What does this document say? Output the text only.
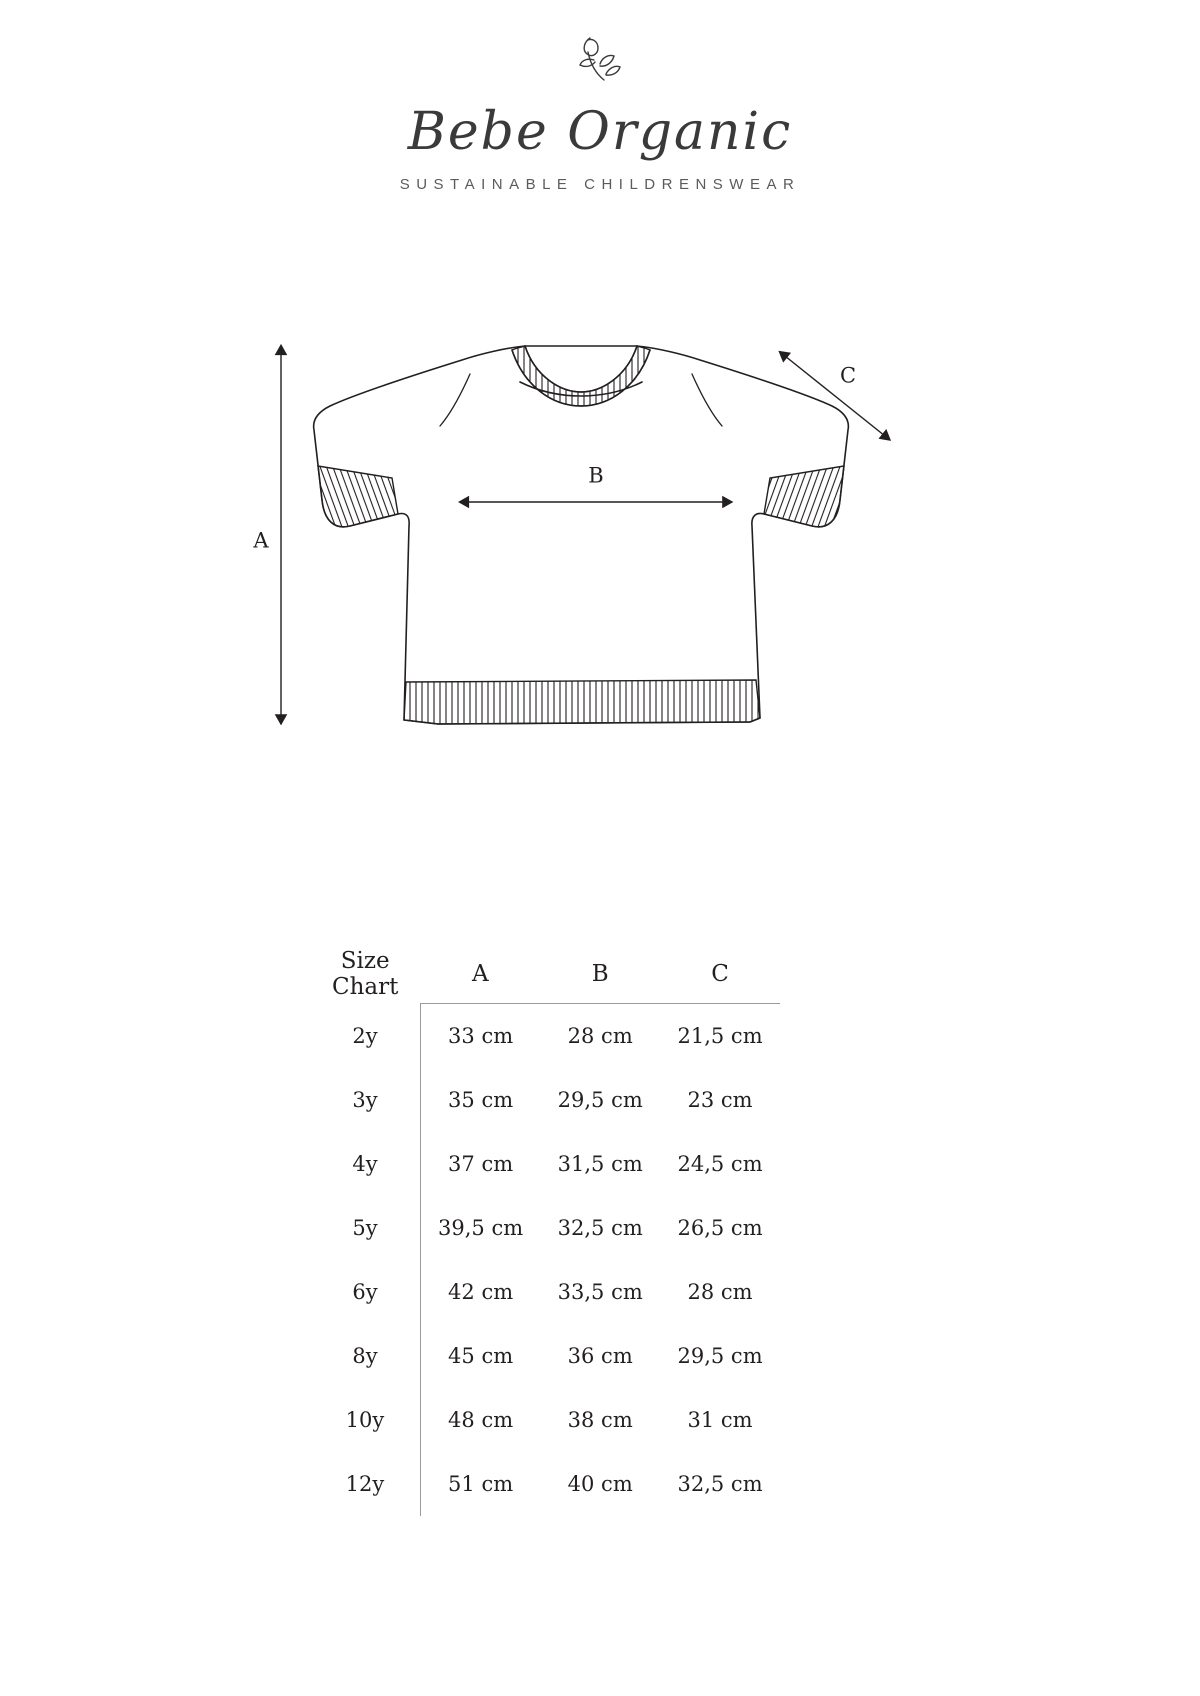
Bebe Organic
SUSTAINABLE CHILDRENSWEAR
A
B
C
Size
Chart	A	B	C
2y	33 cm	28 cm	21,5 cm
3y	35 cm	29,5 cm	23 cm
4y	37 cm	31,5 cm	24,5 cm
5y	39,5 cm	32,5 cm	26,5 cm
6y	42 cm	33,5 cm	28 cm
8y	45 cm	36 cm	29,5 cm
10y	48 cm	38 cm	31 cm
12y	51 cm	40 cm	32,5 cm
